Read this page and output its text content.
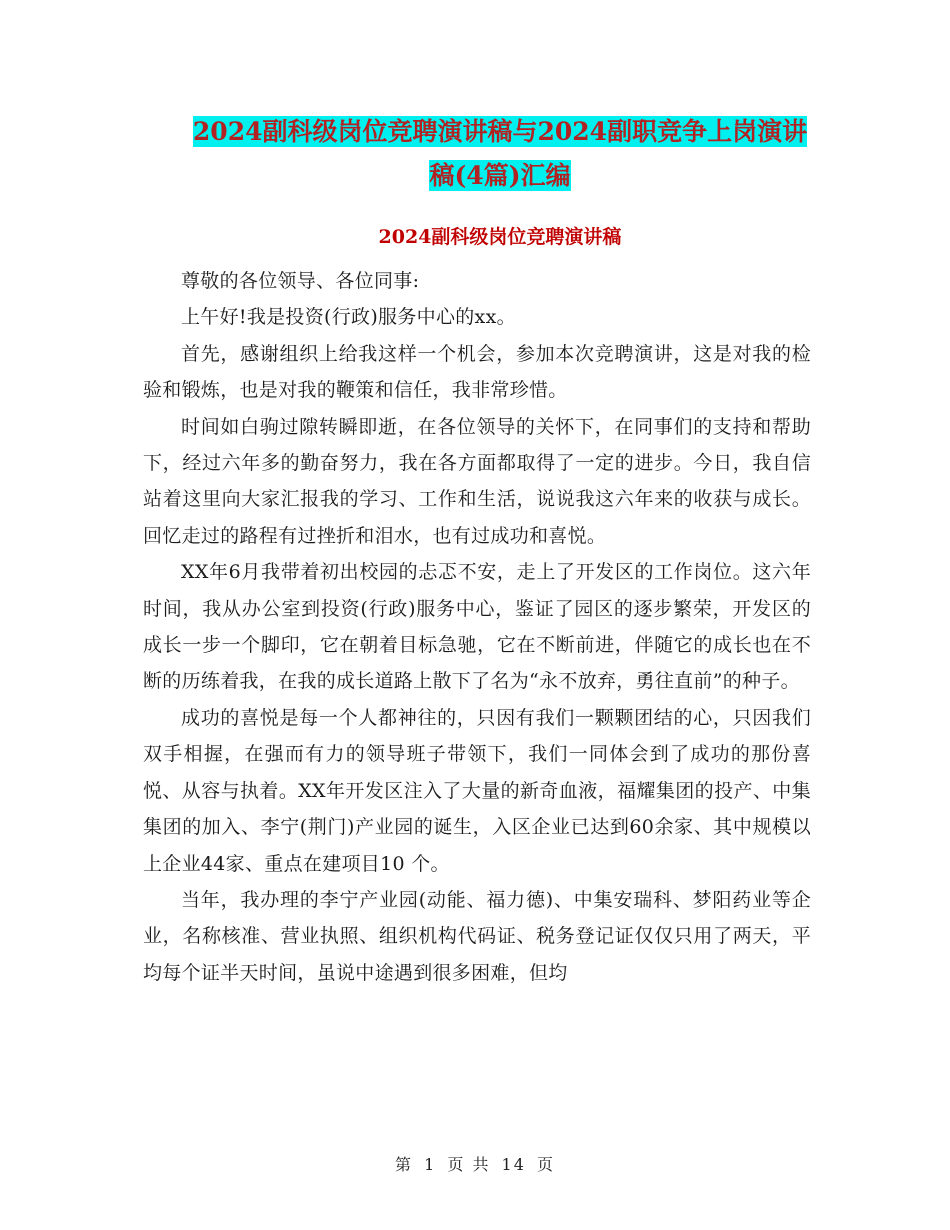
2024副科级岗位竞聘演讲稿与2024副职竞争上岗演讲
稿(4篇)汇编
2024副科级岗位竞聘演讲稿

尊敬的各位领导、各位同事:

上午好!我是投资(行政)服务中心的xx。

首先，感谢组织上给我这样一个机会，参加本次竞聘演讲，这是对我的检验和锻炼，也是对我的鞭策和信任，我非常珍惜。

时间如白驹过隙转瞬即逝，在各位领导的关怀下，在同事们的支持和帮助下，经过六年多的勤奋努力，我在各方面都取得了一定的进步。今日，我自信站着这里向大家汇报我的学习、工作和生活，说说我这六年来的收获与成长。回忆走过的路程有过挫折和泪水，也有过成功和喜悦。

XX年6月我带着初出校园的忐忑不安，走上了开发区的工作岗位。这六年时间，我从办公室到投资(行政)服务中心，鉴证了园区的逐步繁荣，开发区的成长一步一个脚印，它在朝着目标急驰，它在不断前进，伴随它的成长也在不断的历练着我，在我的成长道路上散下了名为“永不放弃，勇往直前”的种子。

成功的喜悦是每一个人都神往的，只因有我们一颗颗团结的心，只因我们双手相握，在强而有力的领导班子带领下，我们一同体会到了成功的那份喜悦、从容与执着。XX年开发区注入了大量的新奇血液，福耀集团的投产、中集集团的加入、李宁(荆门)产业园的诞生，入区企业已达到60余家、其中规模以上企业44家、重点在建项目10 个。

当年，我办理的李宁产业园(动能、福力德)、中集安瑞科、梦阳药业等企业，名称核准、营业执照、组织机构代码证、税务登记证仅仅只用了两天，平均每个证半天时间，虽说中途遇到很多困难，但均

第 1 页 共 14 页
